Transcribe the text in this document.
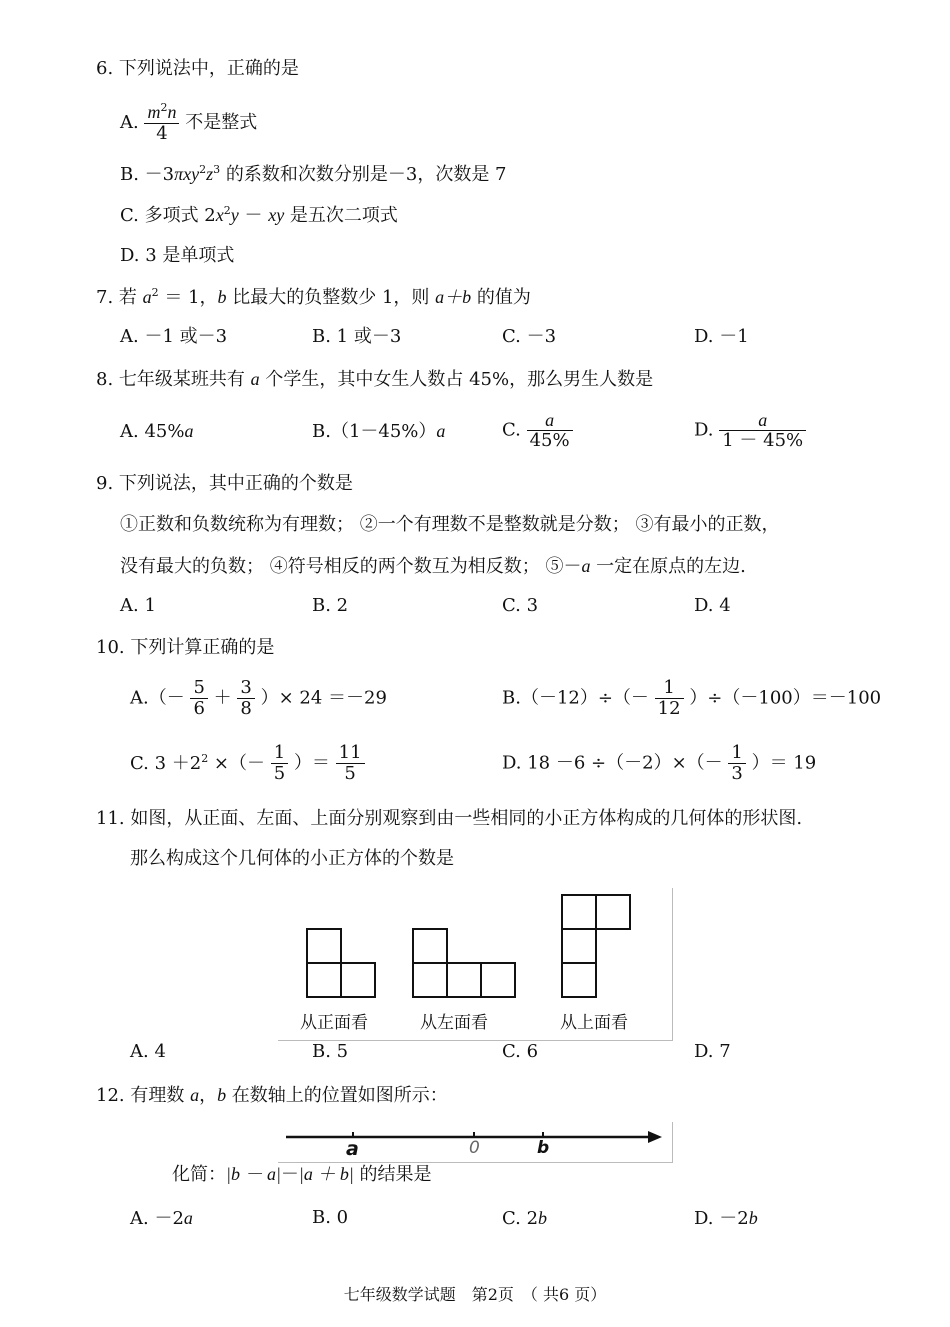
6. 下列说法中，正确的是
A. $\frac{m^2n}{4}$ 不是整式
B. $-3\pi xy^2z^3$ 的系数和次数分别是－3，次数是 7
C. 多项式 $2x^2y$ － xy 是五次二项式
D. 3 是单项式
7. 若 $a^2 = 1$，b 比最大的负整数少 1，则 a＋b 的值为
A. －1 或－3	B. 1 或－3	C. －3	D. －1
8. 七年级某班共有 a 个学生，其中女生人数占 45%，那么男生人数是
A. 45%a	B.（1－45%）a	C. $\frac{a}{45\%}$	D. $\frac{a}{1 - 45\%}$
9. 下列说法，其中正确的个数是
①正数和负数统称为有理数； ②一个有理数不是整数就是分数； ③有最小的正数，
没有最大的负数； ④符号相反的两个数互为相反数； ⑤－a 一定在原点的左边.
A. 1	B. 2	C. 3	D. 4
10. 下列计算正确的是
$A.(- \frac{5}{6} + \frac{3}{8}$ ）× 24 ＝－29	$B.(-12)\div(- \frac{1}{12} )\div(-100)=-100$
C. $3 +2^2$ ×（－ $\frac{1}{5}$ ）＝ $\frac{11}{5}$	D. $18 -6 \div(-2)\times(- \frac{1}{3}$ ）＝ 19
11. 如图，从正面、左面、上面分别观察到由一些相同的小正方体构成的几何体的形状图.
那么构成这个几何体的小正方体的个数是
从正面看	从左面看	从上面看
A. 4	B. 5	C. 6	D. 7
12. 有理数 a，b 在数轴上的位置如图所示：
a	0	b
化简：|b － a|－|a ＋ b| 的结果是
A. －2a	B. 0	C. 2b	D. －2b
七年级数学试题　第2页　（ 共6 页）
